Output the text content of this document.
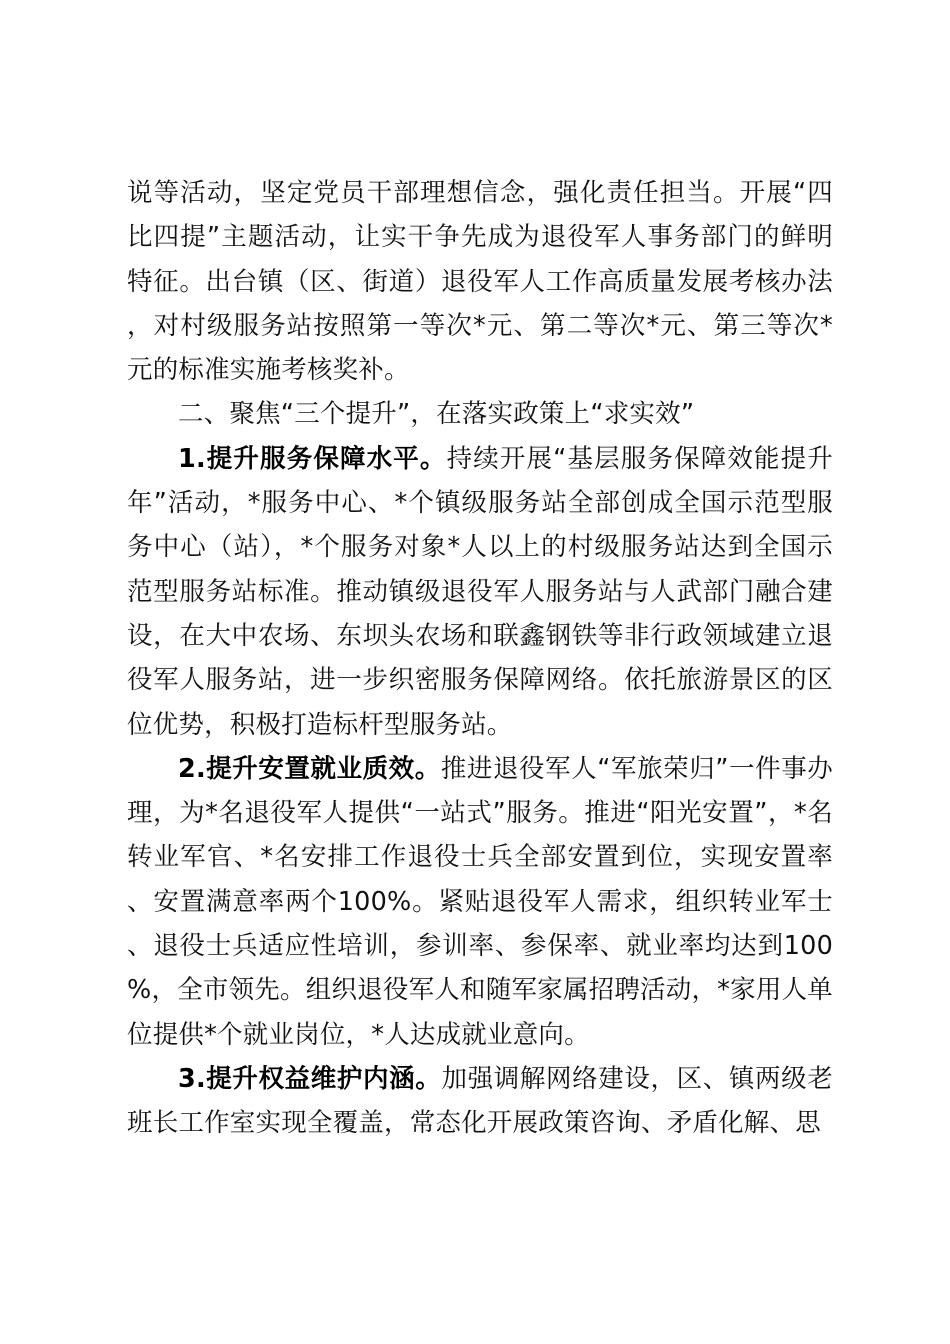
说等活动，坚定党员干部理想信念，强化责任担当。开展“四比四提”主题活动，让实干争先成为退役军人事务部门的鲜明特征。出台镇（区、街道）退役军人工作高质量发展考核办法，对村级服务站按照第一等次*元、第二等次*元、第三等次*元的标准实施考核奖补。

二、聚焦“三个提升”，在落实政策上“求实效”

1.提升服务保障水平。持续开展“基层服务保障效能提升年”活动，*服务中心、*个镇级服务站全部创成全国示范型服务中心（站），*个服务对象*人以上的村级服务站达到全国示范型服务站标准。推动镇级退役军人服务站与人武部门融合建设，在大中农场、东坝头农场和联鑫钢铁等非行政领域建立退役军人服务站，进一步织密服务保障网络。依托旅游景区的区位优势，积极打造标杆型服务站。

2.提升安置就业质效。推进退役军人“军旅荣归”一件事办理，为*名退役军人提供“一站式”服务。推进“阳光安置”，*名转业军官、*名安排工作退役士兵全部安置到位，实现安置率、安置满意率两个100%。紧贴退役军人需求，组织转业军士、退役士兵适应性培训，参训率、参保率、就业率均达到100%，全市领先。组织退役军人和随军家属招聘活动，*家用人单位提供*个就业岗位，*人达成就业意向。

3.提升权益维护内涵。加强调解网络建设，区、镇两级老班长工作室实现全覆盖，常态化开展政策咨询、矛盾化解、思
